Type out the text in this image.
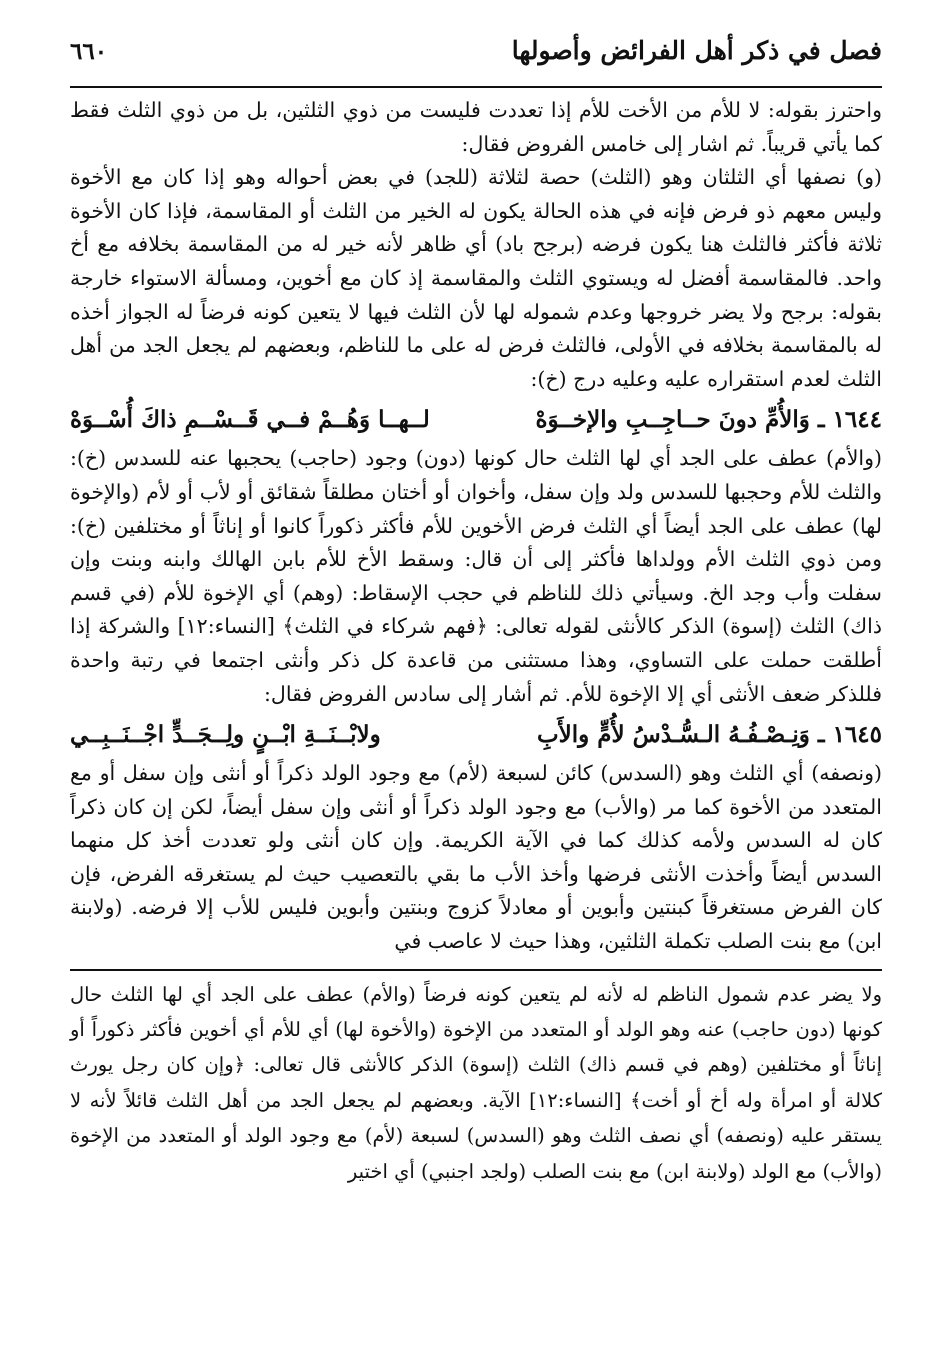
فصل في ذكر أهل الفرائض وأصولها
٦٦٠

واحترز بقوله: لا للأم من الأخت للأم إذا تعددت فليست من ذوي الثلثين، بل من ذوي الثلث فقط كما يأتي قريباً. ثم اشار إلى خامس الفروض فقال:

(و) نصفها أي الثلثان وهو (الثلث) حصة لثلاثة (للجد) في بعض أحواله وهو إذا كان مع الأخوة وليس معهم ذو فرض فإنه في هذه الحالة يكون له الخير من الثلث أو المقاسمة، فإذا كان الأخوة ثلاثة فأكثر فالثلث هنا يكون فرضه (برجح باد) أي ظاهر لأنه خير له من المقاسمة بخلافه مع أخ واحد. فالمقاسمة أفضل له ويستوي الثلث والمقاسمة إذ كان مع أخوين، ومسألة الاستواء خارجة بقوله: برجح ولا يضر خروجها وعدم شموله لها لأن الثلث فيها لا يتعين كونه فرضاً له الجواز أخذه له بالمقاسمة بخلافه في الأولى، فالثلث فرض له على ما للناظم، وبعضهم لم يجعل الجد من أهل الثلث لعدم استقراره عليه وعليه درج (خ):

١٦٤٤ ـ وَالأُمِّ دونَ حــاجِــبِ والإخــوَهْ
لــهــا وَهُــمْ فــي قَــسْــمِ ذاكَ أُسْــوَهْ

(والأم) عطف على الجد أي لها الثلث حال كونها (دون) وجود (حاجب) يحجبها عنه للسدس (خ): والثلث للأم وحجبها للسدس ولد وإن سفل، وأخوان أو أختان مطلقاً شقائق أو لأب أو لأم (والإخوة لها) عطف على الجد أيضاً أي الثلث فرض الأخوين للأم فأكثر ذكوراً كانوا أو إناثاً أو مختلفين (خ): ومن ذوي الثلث الأم وولداها فأكثر إلى أن قال: وسقط الأخ للأم بابن الهالك وابنه وبنت وإن سفلت وأب وجد الخ. وسيأتي ذلك للناظم في حجب الإسقاط: (وهم) أي الإخوة للأم (في قسم ذاك) الثلث (إسوة) الذكر كالأنثى لقوله تعالى: ﴿فهم شركاء في الثلث﴾ [النساء:١٢] والشركة إذا أطلقت حملت على التساوي، وهذا مستثنى من قاعدة كل ذكر وأنثى اجتمعا في رتبة واحدة فللذكر ضعف الأنثى أي إلا الإخوة للأم. ثم أشار إلى سادس الفروض فقال:

١٦٤٥ ـ وَنِـصْـفُـهُ الـسُّـدْسُ لأُمٍّ والأَبِ
ولابْــنَــةِ ابْــنٍ ولِــجَــدٍّ اجْــنَــبِــي

(ونصفه) أي الثلث وهو (السدس) كائن لسبعة (لأم) مع وجود الولد ذكراً أو أنثى وإن سفل أو مع المتعدد من الأخوة كما مر (والأب) مع وجود الولد ذكراً أو أنثى وإن سفل أيضاً، لكن إن كان ذكراً كان له السدس ولأمه كذلك كما في الآية الكريمة. وإن كان أنثى ولو تعددت أخذ كل منهما السدس أيضاً وأخذت الأنثى فرضها وأخذ الأب ما بقي بالتعصيب حيث لم يستغرقه الفرض، فإن كان الفرض مستغرقاً كبنتين وأبوين أو معادلاً كزوج وبنتين وأبوين فليس للأب إلا فرضه. (ولابنة ابن) مع بنت الصلب تكملة الثلثين، وهذا حيث لا عاصب في

ولا يضر عدم شمول الناظم له لأنه لم يتعين كونه فرضاً (والأم) عطف على الجد أي لها الثلث حال كونها (دون حاجب) عنه وهو الولد أو المتعدد من الإخوة (والأخوة لها) أي للأم أي أخوين فأكثر ذكوراً أو إناثاً أو مختلفين (وهم في قسم ذاك) الثلث (إسوة) الذكر كالأنثى قال تعالى: ﴿وإن كان رجل يورث كلالة أو امرأة وله أخ أو أخت﴾ [النساء:١٢] الآية. وبعضهم لم يجعل الجد من أهل الثلث قائلاً لأنه لا يستقر عليه (ونصفه) أي نصف الثلث وهو (السدس) لسبعة (لأم) مع وجود الولد أو المتعدد من الإخوة (والأب) مع الولد (ولابنة ابن) مع بنت الصلب (ولجد اجنبي) أي اختير
